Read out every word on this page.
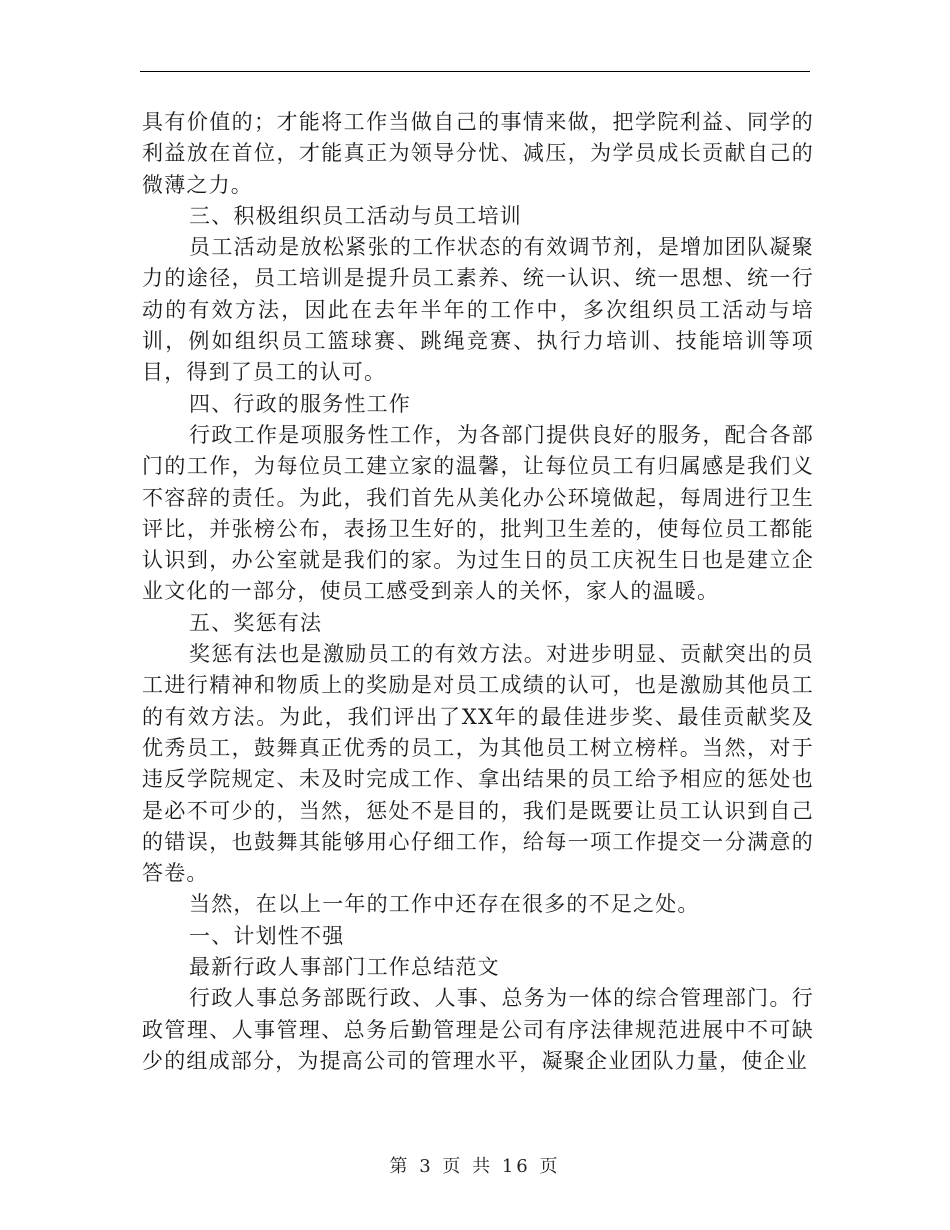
具有价值的；才能将工作当做自己的事情来做，把学院利益、同学的利益放在首位，才能真正为领导分忧、减压，为学员成长贡献自己的微薄之力。

三、积极组织员工活动与员工培训

员工活动是放松紧张的工作状态的有效调节剂，是增加团队凝聚力的途径，员工培训是提升员工素养、统一认识、统一思想、统一行动的有效方法，因此在去年半年的工作中，多次组织员工活动与培训，例如组织员工篮球赛、跳绳竞赛、执行力培训、技能培训等项目，得到了员工的认可。

四、行政的服务性工作

行政工作是项服务性工作，为各部门提供良好的服务，配合各部门的工作，为每位员工建立家的温馨，让每位员工有归属感是我们义不容辞的责任。为此，我们首先从美化办公环境做起，每周进行卫生评比，并张榜公布，表扬卫生好的，批判卫生差的，使每位员工都能认识到，办公室就是我们的家。为过生日的员工庆祝生日也是建立企业文化的一部分，使员工感受到亲人的关怀，家人的温暖。

五、奖惩有法

奖惩有法也是激励员工的有效方法。对进步明显、贡献突出的员工进行精神和物质上的奖励是对员工成绩的认可，也是激励其他员工的有效方法。为此，我们评出了XX年的最佳进步奖、最佳贡献奖及优秀员工，鼓舞真正优秀的员工，为其他员工树立榜样。当然，对于违反学院规定、未及时完成工作、拿出结果的员工给予相应的惩处也是必不可少的，当然，惩处不是目的，我们是既要让员工认识到自己的错误，也鼓舞其能够用心仔细工作，给每一项工作提交一分满意的答卷。

当然，在以上一年的工作中还存在很多的不足之处。

一、计划性不强

最新行政人事部门工作总结范文

行政人事总务部既行政、人事、总务为一体的综合管理部门。行政管理、人事管理、总务后勤管理是公司有序法律规范进展中不可缺少的组成部分，为提高公司的管理水平，凝聚企业团队力量，使企业

第 3 页 共 16 页
